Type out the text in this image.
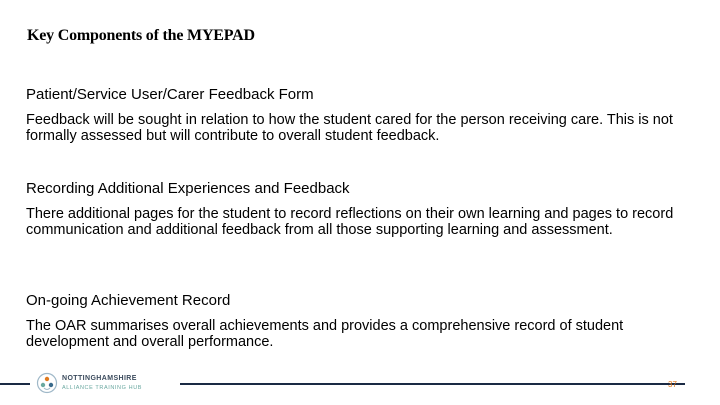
Key Components of the MYEPAD
Patient/Service User/Carer Feedback Form

Feedback will be sought in relation to how the student cared for the person receiving care. This is not formally assessed but will contribute to overall student feedback.

Recording Additional Experiences and Feedback

There additional pages for the student to record reflections on their own learning and pages to record communication and additional feedback from all those supporting learning and assessment.

On-going Achievement Record

The OAR summarises overall achievements and provides a comprehensive record of student development and overall performance.

NOTTINGHAMSHIRE
ALLIANCE TRAINING HUB	37
